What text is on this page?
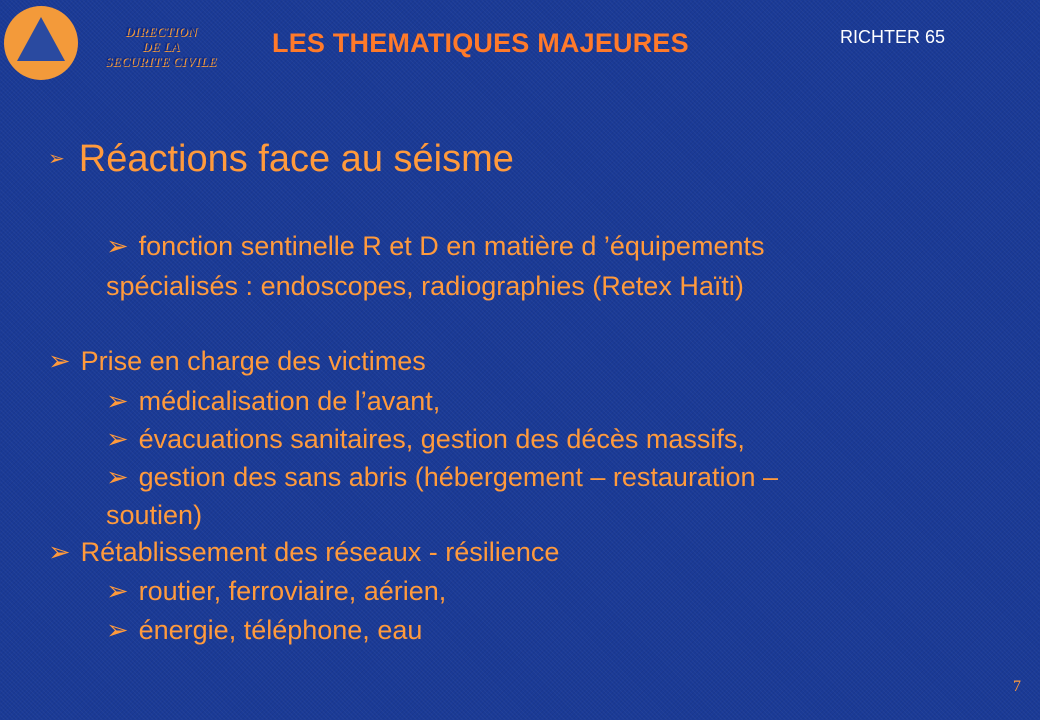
DIRECTION
DE LA
SECURITE CIVILE
LES THEMATIQUES MAJEURES	RICHTER 65
➢ Réactions face au séisme
➢ fonction sentinelle R et D en matière d ’équipements
spécialisés : endoscopes, radiographies (Retex Haïti)
➢ Prise en charge des victimes
➢ médicalisation de l’avant,
➢ évacuations sanitaires, gestion des décès massifs,
➢ gestion des sans abris (hébergement – restauration –
soutien)
➢ Rétablissement des réseaux - résilience
➢ routier, ferroviaire, aérien,
➢ énergie, téléphone, eau
7
